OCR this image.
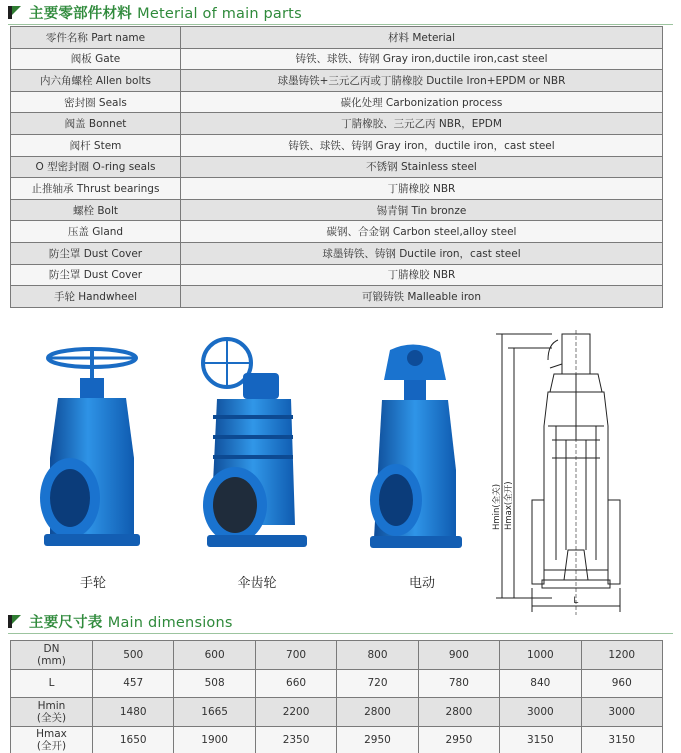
主要零部件材料 Meterial of main parts
零件名称 Part name	材料 Meterial
阀板 Gate	铸铁、球铁、铸钢 Gray iron,ductile iron,cast steel
内六角螺栓 Allen bolts	球墨铸铁+三元乙丙或丁腈橡胶 Ductile Iron+EPDM or NBR
密封圈 Seals	碳化处理 Carbonization process
阀盖 Bonnet	丁腈橡胶、三元乙丙 NBR，EPDM
阀杆 Stem	铸铁、球铁、铸钢 Gray iron，ductile iron，cast steel
O 型密封圈 O-ring seals	不锈钢 Stainless steel
止推轴承 Thrust bearings	丁腈橡胶 NBR
螺栓 Bolt	锡青铜 Tin bronze
压盖 Gland	碳钢、合金钢 Carbon steel,alloy steel
防尘罩 Dust Cover	球墨铸铁、铸钢 Ductile iron，cast steel
防尘罩 Dust Cover	丁腈橡胶 NBR
手轮 Handwheel	可锻铸铁 Malleable iron
手轮	伞齿轮	电动
L
Hmin(全关) Hmax(全开)
主要尺寸表 Main dimensions
DN
(mm)	500	600	700	800	900	1000	1200
L	457	508	660	720	780	840	960
Hmin
(全关)	1480	1665	2200	2800	2800	3000	3000
Hmax
(全开)	1650	1900	2350	2950	2950	3150	3150
